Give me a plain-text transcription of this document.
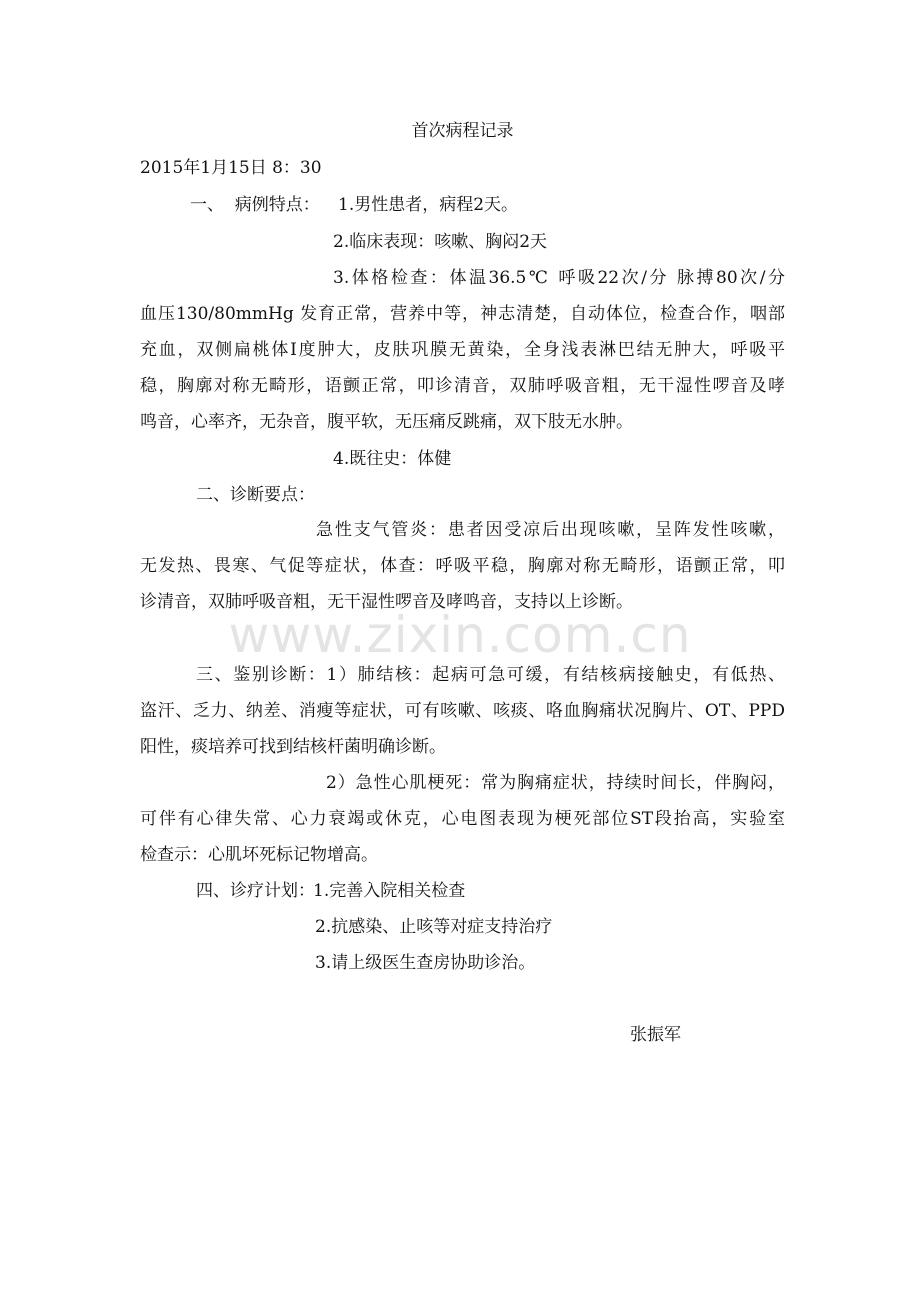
www.zixin.com.cn
首次病程记录
2015年1月15日 8：30
一、  病例特点： 1.男性患者，病程2天。
2.临床表现：咳嗽、胸闷2天
3.体格检查：体温36.5℃ 呼吸22次/分 脉搏80次/分
血压130/80mmHg 发育正常，营养中等，神志清楚，自动体位，检查合作，咽部
充血，双侧扁桃体Ⅰ度肿大，皮肤巩膜无黄染，全身浅表淋巴结无肿大，呼吸平
稳，胸廓对称无畸形，语颤正常，叩诊清音，双肺呼吸音粗，无干湿性啰音及哮
鸣音，心率齐，无杂音，腹平软，无压痛反跳痛，双下肢无水肿。
4.既往史：体健
二、诊断要点：
急性支气管炎：患者因受凉后出现咳嗽，呈阵发性咳嗽，
无发热、畏寒、气促等症状，体查：呼吸平稳，胸廓对称无畸形，语颤正常，叩
诊清音，双肺呼吸音粗，无干湿性啰音及哮鸣音，支持以上诊断。
三、鉴别诊断：1）肺结核：起病可急可缓，有结核病接触史，有低热、
盗汗、乏力、纳差、消瘦等症状，可有咳嗽、咳痰、咯血胸痛状况胸片、OT、PPD
阳性，痰培养可找到结核杆菌明确诊断。
2）急性心肌梗死：常为胸痛症状，持续时间长，伴胸闷，
可伴有心律失常、心力衰竭或休克，心电图表现为梗死部位ST段抬高，实验室
检查示：心肌坏死标记物增高。
四、诊疗计划：
1.完善入院相关检查
2.抗感染、止咳等对症支持治疗
3.请上级医生查房协助诊治。
张振军
